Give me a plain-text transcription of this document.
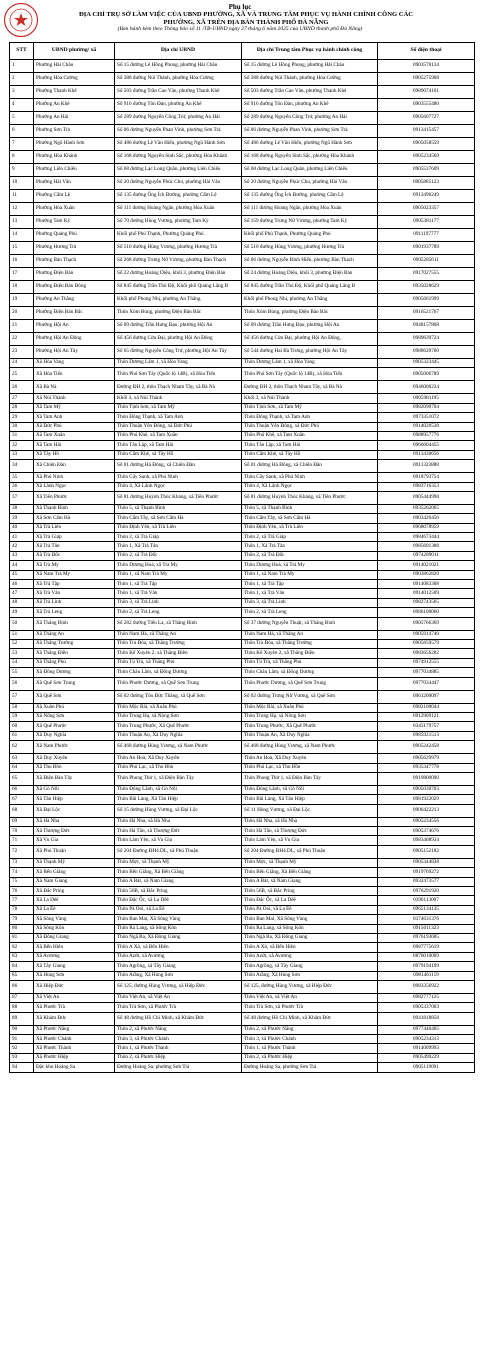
Phụ lục
ĐỊA CHỈ TRỤ SỞ LÀM VIỆC CỦA UBND PHƯỜNG, XÃ VÀ TRUNG TÂM PHỤC VỤ HÀNH CHÍNH CÔNG CÁC
PHƯỜNG, XÃ TRÊN ĐỊA BÀN THÀNH PHỐ ĐÀ NẴNG
(Ban hành kèm theo Thông báo số 11 /TB-UBND ngày 27 tháng 6 năm 2025 của UBND thành phố Đà Nẵng)
STT	UBND phường/ xã	Địa chỉ UBND	Địa chỉ Trung tâm Phục vụ hành chính công	Số điện thoại
1	Phường Hải Châu	Số 15 đường Lê Hồng Phong, phường Hải Châu	Số 15 đường Lê Hồng Phong, phường Hải Châu	0903570134
2	Phường Hòa Cường	Số 388 đường Núi Thành, phường Hòa Cường	Số 388 đường Núi Thành, phường Hòa Cường	0905275908
3	Phường Thanh Khê	Số 503 đường Trần Cao Vân, phường Thanh Khê	Số 503 đường Trần Cao Vân, phường Thanh Khê	0989074161
4	Phường An Khê	Số 916 đường Tôn Đản, phường An Khê	Số 916 đường Tôn Đản, phường An Khê	0903555480
5	Phường An Hải	Số 289 đường Nguyễn Công Trứ, phường An Hải	Số 289 đường Nguyễn Công Trứ, phường An Hải	0905607727
6	Phường Sơn Trà	Số 06 đường Nguyễn Phan Vinh, phường Sơn Trà	Số 06 đường Nguyễn Phan Vinh, phường Sơn Trà	0913415457
7	Phường Ngũ Hành Sơn	Số 486 đường Lê Văn Hiến, phường Ngũ Hành Sơn	Số 486 đường Lê Văn Hiến, phường Ngũ Hành Sơn	0905058559
8	Phường Hòa Khánh	Số 168 đường Nguyễn Sinh Sắc, phường Hòa Khánh	Số 168 đường Nguyễn Sinh Sắc, phường Hòa Khánh	0905234569
9	Phường Liên Chiểu	Số 68 đường Lạc Long Quân, phường Liên Chiểu	Số 68 đường Lạc Long Quân, phường Liên Chiểu	0905537609
10	Phường Hải Vân	Số 20 đường Nguyễn Phúc Chu, phường Hải Vân	Số 20 đường Nguyễn Phúc Chu, phường Hải Vân	0905885123
11	Phường Cẩm Lệ	Số 135 đường Ông Ích Đường, phường Cẩm Lệ	Số 135 đường Ông Ích Đường, phường Cẩm Lệ	0913496249
12	Phường Hòa Xuân	Số 111 đường Hoàng Ngân, phường Hòa Xuân	Số 111 đường Hoàng Ngân, phường Hòa Xuân	0905023357
13	Phường Tam Kỳ	Số 70 đường Hùng Vương, phường Tam Kỳ	Số 159 đường Trưng Nữ Vương, phường Tam Kỳ	0905381177
14	Phường Quảng Phú	Khối phố Phú Thạnh, Phường Quảng Phú	Khối phố Phú Thạnh, Phường Quảng Phú	0911197777
15	Phường Hương Trà	Số 510 đường Hùng Vương, phường Hương Trà	Số 510 đường Hùng Vương, phường Hương Trà	0901937789
16	Phường Bàn Thạch	Số 268 đường Trưng Nữ Vương, phường Bàn Thạch	Số 06 đường Nguyễn Đình Hiến, phường Bàn Thạch	0905285611
17	Phường Điện Bàn	Số 22 đường Hoàng Diệu, khối 3, phường Điện Bàn	Số 24 đường Hoàng Diệu, khối 3, phường Điện Bàn	0917027555
18	Phường Điện Bàn Đông	Số 845 đường Trần Thủ Độ, Khối phố Quảng Lăng B	Số 845 đường Trần Thủ Độ, Khối phố Quảng Lăng B	0935028629
19	Phường An Thắng	Khối phố Phong Nhị, phường An Thắng	Khối phố Phong Nhị, phường An Thắng	0905661999
20	Phường Điện Bàn Bắc	Thôn Xóm Bùng, phường Điện Bàn Bắc	Thôn Xóm Bùng, phường Điện Bàn Bắc	0916521767
21	Phường Hội An	Số 09 đường Trần Hưng Đạo, phường Hội An	Số 09 đường Trần Hưng Đạo, phường Hội An	0948157868
22	Phường Hội An Đông	Số 456 đường Cửa Đại, phường Hội An Đông	Số 456 đường Cửa Đại, phường Hội An Đông,	0989639724
23	Phường Hội An Tây	Số 65 đường Nguyễn Công Trứ, phường Hội An Tây	Số 544 đường Hai Bà Trưng, phường Hội An Tây	0988620700
24	Xã Hòa Vang	Thôn Dương Lâm 1, xã Hòa Vang	Thôn Dương Lâm 1, xã Hòa Vang	0905323445
25	Xã Hòa Tiến	Thôn Phú Sơn Tây (Quốc lộ 14B), xã Hòa Tiến	Thôn Phú Sơn Tây (Quốc lộ 14B), xã Hòa Tiến	0905006789
26	Xã Bà Nà	Đường ĐH 2, thôn Thạch Nham Tây, xã Bà Nà	Đường ĐH 2, thôn Thạch Nham Tây, xã Bà Nà	0946000234
27	Xã Núi Thành	Khối 3, xã Núi Thành	Khối 3, xã Núi Thành	0905981195
28	Xã Tam Mỹ	Thôn Tịnh Sơn, xã Tam Mỹ	Thôn Tịnh Sơn, xã Tam Mỹ	0982090704
29	Xã Tam Anh	Thôn Đông Thạnh, xã Tam Anh	Thôn Đông Thạnh, xã Tam Anh	0973351072
30	Xã Đức Phú	Thôn Thuận Yên Đông, xã Đức Phú	Thôn Thuận Yên Đông, xã Đức Phú	0914020538
31	Xã Tam Xuân	Thôn Phú Khê, xã Tam Xuân	Thôn Phú Khê, xã Tam Xuân	0988957776
32	Xã Tam Hải	Thôn Tân Lập, xã Tam Hải	Thôn Tân Lập, xã Tam Hải	0966604455
33	Xã Tây Hồ	Thôn Cẩm Khê, xã Tây Hồ	Thôn Cẩm Khê, xã Tây Hồ	0913430656
34	Xã Chiên Đàn	Số 01 đường Hà Đông, xã Chiên Đàn	Số 01 đường Hà Đông, xã Chiên Đàn	0911323888
35	Xã Phú Ninh	Thôn Cây Sanh, xã Phú Ninh	Thôn Cây Sanh, xã Phú Ninh	0918793754
36	Xã Lãnh Ngọc	Thôn 4, Xã Lãnh Ngọc	Thôn 4, Xã Lãnh Ngọc	0983716353
37	Xã Tiên Phước	Số 81 đường Huỳnh Thúc Kháng, xã Tiên Phước	Số 81 đường Huỳnh Thúc Kháng, xã Tiên Phước	0905444998
38	Xã Thạnh Bình	Thôn 5, xã Thạnh Bình	Thôn 5, xã Thạnh Bình	0935202065
39	Xã Sơn Cẩm Hà	Thôn Cẩm Tây, xã Sơn Cẩm Hà	Thôn Cẩm Tây, xã Sơn Cẩm Hà	0903426456
40	Xã Trà Liên	Thôn Định Yên, xã Trà Liên	Thôn Định Yên, xã Trà Liên	0968078959
41	Xã Trà Giáp	Thôn 2, xã Trà Giáp	Thôn 2, xã Trà Giáp	0984673444
42	Xã Trà Tân	Thôn 1, Xã Trà Tân	Thôn 1, Xã Trà Tân	0985601388
43	Xã Trà Đốc	Thôn 2, xã Trà Đốc	Thôn 2, xã Trà Đốc	0974289011
44	Xã Trà My	Thôn Dương Hoà, xã Trà My	Thôn Dương Hoà, xã Trà My	0914021021
45	Xã Nam Trà My	Thôn 1, xã Nam Trà My	Thôn 1, xã Nam Trà My	0903862820
46	Xã Trà Tập	Thôn 1, xã Trà Tập	Thôn 1, xã Trà Tập	0914083308
47	Xã Trà Vân	Thôn 1, xã Trà Vân	Thôn 1, xã Trà Vân	0914012509
48	Xã Trà Linh	Thôn 3, xã Trà Linh	Thôn 3, xã Trà Linh	0982743565
49	Xã Trà Leng	Thôn 2, xã Trà Leng	Thôn 2, xã Trà Leng	0986100060
50	Xã Thăng Bình	Số 282 đường Tiểu La, xã Thăng Bình	Số 37 đường Nguyễn Thuật, xã Thăng Bình	0905766369
51	Xã Thăng An	Thôn Nam Hà, xã Thăng An	Thôn Nam Hà, xã Thăng An	0905914740
52	Xã Thăng Trường	Thôn Trà Đóa, xã Thăng Trường	Thôn Trà Đóa, xã Thăng Trường	0905859579
53	Xã Thăng Điền	Thôn Kế Xuyên 2, xã Thăng Điền	Thôn Kế Xuyên 2, xã Thăng Điền	0983656282
54	Xã Thăng Phú	Thôn Tú Trà, xã Thăng Phú	Thôn Tú Trà, xã Thăng Phú	0974912555
55	Xã Đồng Dương	Thôn Châu Lâm, xã Đồng Dương	Thôn Châu Lâm, xã Đồng Dương	0977034885
56	Xã Quế Sơn Trung	Thôn Phước Dương, xã Quế Sơn Trung	Thôn Phước Dương, xã Quế Sơn Trung	0977034447
57	Xã Quế Sơn	Số 02 đường Tôn Đức Thắng, xã Quế Sơn	Số 02 đường Trưng Nữ Vương, xã Quế Sơn	0961200097
58	Xã Xuân Phú	Thôn Mộc Bài, xã Xuân Phú	Thôn Mộc Bài, xã Xuân Phú	0982100044
59	Xã Nông Sơn	Thôn Trung Hạ, xã Nông Sơn	Thôn Trung Hạ, xã Nông Sơn	0912909121
60	Xã Quế Phước	Thôn Trung Phước, Xã Quế Phước	Thôn Trung Phước, Xã Quế Phước	0345179757
61	Xã Duy Nghĩa	Thôn Thuận An, Xã Duy Nghĩa	Thôn Thuận An, Xã Duy Nghĩa	0985921513
62	Xã Nam Phước	Số 468 đường Hùng Vương, xã Nam Phước	Số 468 đường Hùng Vương, xã Nam Phước	0905242458
63	Xã Duy Xuyên	Thôn An Hoà, Xã Duy Xuyên	Thôn An Hoà, Xã Duy Xuyên	0905629979
64	Xã Thu Bồn	Thôn Phú Lạc, xã Thu Bồn	Thôn Phú Lạc, xã Thu Bồn	0935347778
65	Xã Điện Bàn Tây	Thôn Phong Thử 1, xã Điện Bàn Tây	Thôn Phong Thử 1, xã Điện Bàn Tây	0919800090
66	Xã Gò Nổi	Thôn Đông Lãnh, xã Gò Nổi	Thôn Đông Lãnh, xã Gò Nổi	0905030703
67	Xã Tân Hiệp	Thôn Bãi Làng, Xã Tân Hiệp	Thôn Bãi Làng, Xã Tân Hiệp	0981922029
68	Xã Đại Lộc	Số 15 đường Hùng Vương, xã Đại Lộc	Số 11 Hùng Vương, xã Đại Lộc	0906422213
69	Xã Hà Nha	Thôn Hà Nha, xã Hà Nha	Thôn Hà Nha, xã Hà Nha	0905234556
70	Xã Thượng Đức	Thôn Hà Tân, xã Thượng Đức	Thôn Hà Tân, xã Thượng Đức	0905374676
71	Xã Vu Gia	Thôn Lâm Yên, xã Vu Gia	Thôn Lâm Yên, xã Vu Gia	0983408934
72	Xã Phú Thuận	Số 204 Đường ĐH4.DL, xã Phú Thuận	Số 204 Đường ĐH4.DL, xã Phú Thuận	0905152182
73	Xã Thạnh Mỹ	Thôn Mực, xã Thạnh Mỹ	Thôn Mực, xã Thạnh Mỹ	0905344838
74	Xã Bến Giằng	Thôn Bến Giằng, Xã Bến Giằng	Thôn Bến Giằng, Xã Bến Giằng	0919769272
75	Xã Nam Giang	Thôn A Bát, xã Nam Giang	Thôn A Bát, xã Nam Giang	0932473577
76	Xã Đắc Pring	Thôn 56B, xã Đắc Pring	Thôn 56B, xã Đắc Pring	0976291920
77	Xã La Dêê	Thôn Đắc Ốc, xã La Dêê	Thôn Đắc Ốc, xã La Dêê	0396113007
78	Xã La Êê	Thôn Pà Ooi, xã La Êê	Thôn Pà Ooi, xã La Êê	0965134135
79	Xã Sông Vàng	Thôn Ban Mai, Xã Sông Vàng	Thôn Ban Mai, Xã Sông Vàng	0374631376
80	Xã Sông Kôn	Thôn Ra Lang, xã Sông Kôn	Thôn Ra Lang, xã Sông Kôn	0915011323
81	Xã Đông Giang	Thôn Ngã Ba, Xã Đông Giang	Thôn Ngã Ba, Xã Đông Giang	0976193685
82	Xã Bến Hiên	Thôn A Xò, xã Bến Hiên	Thôn A Xò, xã Bến Hiên	0987775619
83	Xã Avương	Thôn Azứt, xã Avương	Thôn Azứt, xã Avương	0876010009
84	Xã Tây Giang	Thôn Agrồng, xã Tây Giang	Thôn Agrồng, xã Tây Giang	0979194199
85	Xã Hùng Sơn	Thôn Arầng, Xã Hùng Sơn	Thôn Arầng, Xã Hùng Sơn	0981461119
86	Xã Hiệp Đức	Số 125, đường Hùng Vương, xã Hiệp Đức	Số 125, đường Hùng Vương, xã Hiệp Đức	0983356922
87	Xã Việt An	Thôn Việt An, xã Việt An	Thôn Việt An, xã Việt An	0982777125
88	Xã Phước Trà	Thôn Trà Sơn, xã Phước Trà	Thôn Trà Sơn, xã Phước Trà	0905337003
89	Xã Khâm Đức	Số 48 đường Hồ Chí Minh, xã Khâm Đức	Số 48 đường Hồ Chí Minh, xã Khâm Đức	0941818858
90	Xã Phước Năng	Thôn 2, xã Phước Năng	Thôn 2, xã Phước Năng	0977440405
91	Xã Phước Chánh	Thôn 3, xã Phước Chánh	Thôn 3, xã Phước Chánh	0905234313
92	Xã Phước Thành	Thôn 1, xã Phước Thành	Thôn 1, xã Phước Thành	0914009993
93	Xã Phước Hiệp	Thôn 2, xã Phước Hiệp	Thôn 2, xã Phước Hiệp	0905499229
94	Đặc khu Hoàng Sa	Đường Hoàng Sa, phường Sơn Trà	Đường Hoàng Sa, phường Sơn Trà	0905119091
